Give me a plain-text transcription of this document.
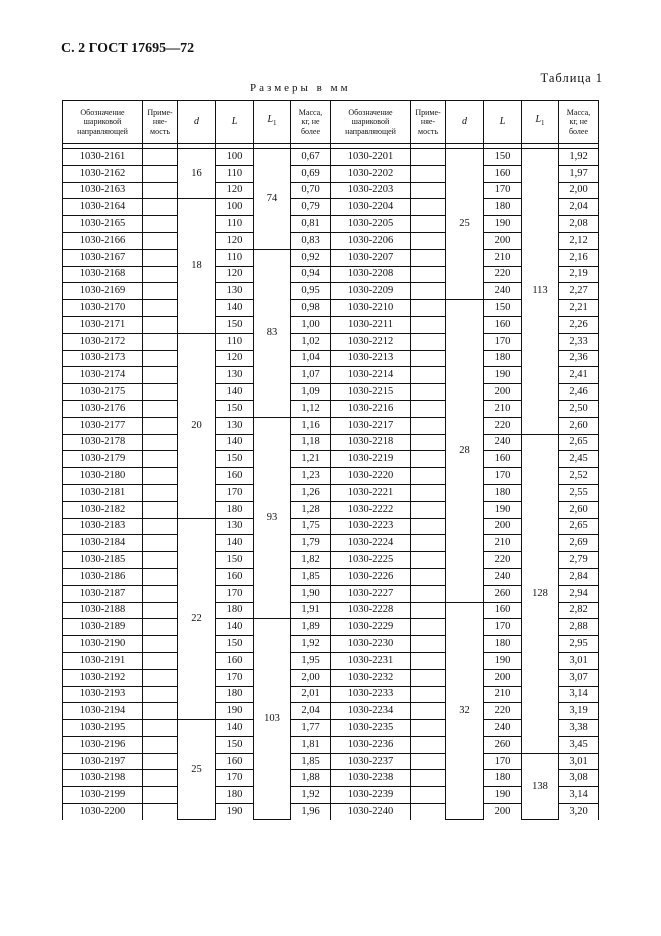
С. 2 ГОСТ 17695—72
Таблица 1
Размеры в мм
Обозначение
шариковой
направляющей	Приме-
няе-
мость	d	L	$L_1$	Масса,
кг, не
более	Обозначение
шариковой
направляющей	Приме-
няе-
мость	d	L	$L_1$	Масса,
кг, не
более

1030-2161		16	100	74	0,67	1030-2201		25	150	113	1,92
1030-2162			110		0,69	1030-2202			160		1,97
1030-2163			120		0,70	1030-2203			170		2,00
1030-2164		18	100		0,79	1030-2204			180		2,04
1030-2165			110		0,81	1030-2205			190		2,08
1030-2166			120		0,83	1030-2206			200		2,12
1030-2167			110	83	0,92	1030-2207			210		2,16
1030-2168			120		0,94	1030-2208			220		2,19
1030-2169			130		0,95	1030-2209			240		2,27
1030-2170			140		0,98	1030-2210		28	150		2,21
1030-2171			150		1,00	1030-2211			160		2,26
1030-2172		20	110		1,02	1030-2212			170		2,33
1030-2173			120		1,04	1030-2213			180		2,36
1030-2174			130		1,07	1030-2214			190		2,41
1030-2175			140		1,09	1030-2215			200		2,46
1030-2176			150		1,12	1030-2216			210		2,50
1030-2177			130	93	1,16	1030-2217			220		2,60
1030-2178			140		1,18	1030-2218			240	128	2,65
1030-2179			150		1,21	1030-2219			160		2,45
1030-2180			160		1,23	1030-2220			170		2,52
1030-2181			170		1,26	1030-2221			180		2,55
1030-2182			180		1,28	1030-2222			190		2,60
1030-2183		22	130		1,75	1030-2223			200		2,65
1030-2184			140		1,79	1030-2224			210		2,69
1030-2185			150		1,82	1030-2225			220		2,79
1030-2186			160		1,85	1030-2226			240		2,84
1030-2187			170		1,90	1030-2227			260		2,94
1030-2188			180		1,91	1030-2228		32	160		2,82
1030-2189			140	103	1,89	1030-2229			170		2,88
1030-2190			150		1,92	1030-2230			180		2,95
1030-2191			160		1,95	1030-2231			190		3,01
1030-2192			170		2,00	1030-2232			200		3,07
1030-2193			180		2,01	1030-2233			210		3,14
1030-2194			190		2,04	1030-2234			220		3,19
1030-2195		25	140		1,77	1030-2235			240		3,38
1030-2196			150		1,81	1030-2236			260		3,45
1030-2197			160		1,85	1030-2237			170	138	3,01
1030-2198			170		1,88	1030-2238			180		3,08
1030-2199			180		1,92	1030-2239			190		3,14
1030-2200			190		1,96	1030-2240			200		3,20
